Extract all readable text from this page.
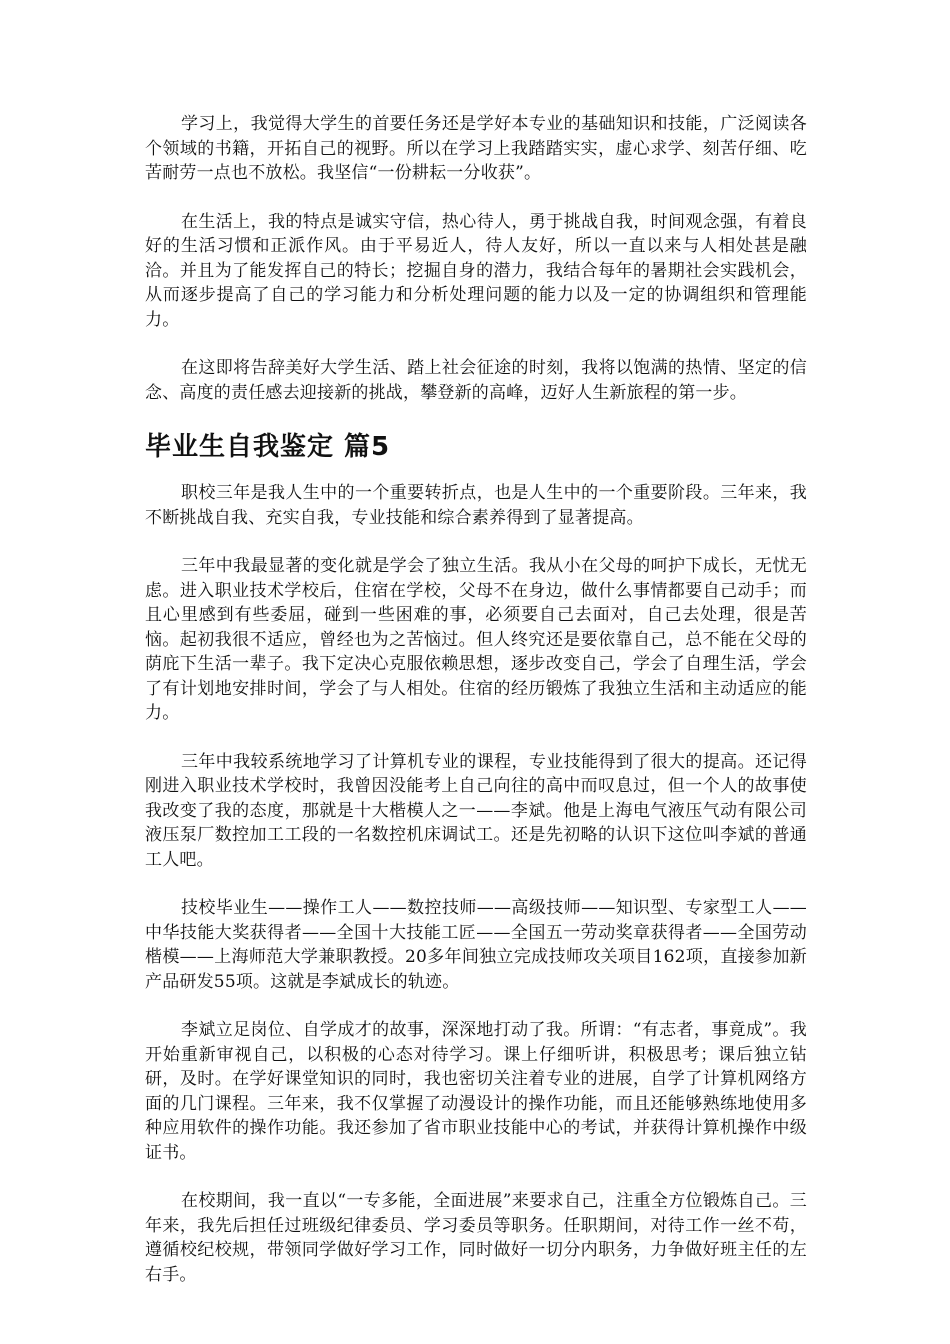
学习上，我觉得大学生的首要任务还是学好本专业的基础知识和技能，广泛阅读各个领域的书籍，开拓自己的视野。所以在学习上我踏踏实实，虚心求学、刻苦仔细、吃苦耐劳一点也不放松。我坚信“一份耕耘一分收获”。

在生活上，我的特点是诚实守信，热心待人，勇于挑战自我，时间观念强，有着良好的生活习惯和正派作风。由于平易近人，待人友好，所以一直以来与人相处甚是融洽。并且为了能发挥自己的特长；挖掘自身的潜力，我结合每年的暑期社会实践机会，从而逐步提高了自己的学习能力和分析处理问题的能力以及一定的协调组织和管理能力。

在这即将告辞美好大学生活、踏上社会征途的时刻，我将以饱满的热情、坚定的信念、高度的责任感去迎接新的挑战，攀登新的高峰，迈好人生新旅程的第一步。

毕业生自我鉴定 篇5

职校三年是我人生中的一个重要转折点，也是人生中的一个重要阶段。三年来，我不断挑战自我、充实自我，专业技能和综合素养得到了显著提高。

三年中我最显著的变化就是学会了独立生活。我从小在父母的呵护下成长，无忧无虑。进入职业技术学校后，住宿在学校，父母不在身边，做什么事情都要自己动手；而且心里感到有些委屈，碰到一些困难的事，必须要自己去面对，自己去处理，很是苦恼。起初我很不适应，曾经也为之苦恼过。但人终究还是要依靠自己，总不能在父母的荫庇下生活一辈子。我下定决心克服依赖思想，逐步改变自己，学会了自理生活，学会了有计划地安排时间，学会了与人相处。住宿的经历锻炼了我独立生活和主动适应的能力。

三年中我较系统地学习了计算机专业的课程，专业技能得到了很大的提高。还记得刚进入职业技术学校时，我曾因没能考上自己向往的高中而叹息过，但一个人的故事使我改变了我的态度，那就是十大楷模人之一——李斌。他是上海电气液压气动有限公司液压泵厂数控加工工段的一名数控机床调试工。还是先初略的认识下这位叫李斌的普通工人吧。

技校毕业生——操作工人——数控技师——高级技师——知识型、专家型工人——中华技能大奖获得者——全国十大技能工匠——全国五一劳动奖章获得者——全国劳动楷模——上海师范大学兼职教授。20多年间独立完成技师攻关项目162项，直接参加新产品研发55项。这就是李斌成长的轨迹。

李斌立足岗位、自学成才的故事，深深地打动了我。所谓：“有志者，事竟成”。我开始重新审视自己，以积极的心态对待学习。课上仔细听讲，积极思考；课后独立钻研，及时。在学好课堂知识的同时，我也密切关注着专业的进展，自学了计算机网络方面的几门课程。三年来，我不仅掌握了动漫设计的操作功能，而且还能够熟练地使用多种应用软件的操作功能。我还参加了省市职业技能中心的考试，并获得计算机操作中级证书。

在校期间，我一直以“一专多能，全面进展”来要求自己，注重全方位锻炼自己。三年来，我先后担任过班级纪律委员、学习委员等职务。任职期间，对待工作一丝不苟，遵循校纪校规，带领同学做好学习工作，同时做好一切分内职务，力争做好班主任的左右手。
